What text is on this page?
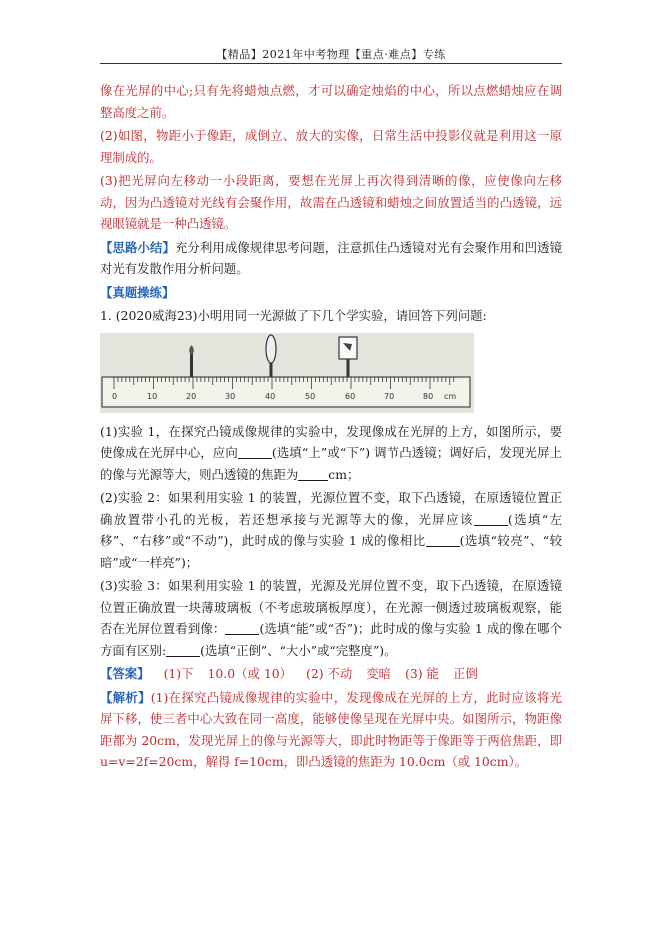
【精品】2021年中考物理【重点·难点】专练

像在光屏的中心;只有先将蜡烛点燃，才可以确定烛焰的中心，所以点燃蜡烛应在调整高度之前。

(2)如图，物距小于像距，成倒立、放大的实像，日常生活中投影仪就是利用这一原理制成的。

(3)把光屏向左移动一小段距离，要想在光屏上再次得到清晰的像，应使像向左移动，因为凸透镜对光线有会聚作用，故需在凸透镜和蜡烛之间放置适当的凸透镜，远视眼镜就是一种凸透镜。

【思路小结】充分利用成像规律思考问题，注意抓住凸透镜对光有会聚作用和凹透镜对光有发散作用分析问题。

【真题操练】

1. (2020威海23)小明用同一光源做了下几个学实验，请回答下列问题:

0	10	20	30	40	50	60	70	80 cm

(1)实验 1，在探究凸镜成像规律的实验中，发现像成在光屏的上方，如图所示，要使像成在光屏中心，应向	(选填“上”或“下”) 调节凸透镜；调好后，发现光屏上的像与光源等大，则凸透镜的焦距为 cm；

(2)实验 2：如果利用实验 1 的装置，光源位置不变，取下凸透镜，在原透镜位置正确放置带小孔的光板，若还想承接与光源等大的像，光屏应该	(选填“左移”、“右移”或“不动”)，此时成的像与实验 1 成的像相比	(选填“较亮”、“较暗”或“一样亮”)；

(3)实验 3：如果利用实验 1 的装置，光源及光屏位置不变，取下凸透镜，在原透镜位置正确放置一块薄玻璃板（不考虑玻璃板厚度），在光源一侧透过玻璃板观察，能否在光屏位置看到像：	(选填“能”或“否”)；此时成的像与实验 1 成的像在哪个方面有区别:	(选填“正倒”、“大小”或“完整度”)。

【答案】 (1)下 10.0（或 10） (2) 不动 变暗 (3) 能 正倒

【解析】(1)在探究凸镜成像规律的实验中，发现像成在光屏的上方，此时应该将光屏下移，使三者中心大致在同一高度，能够使像呈现在光屏中央。如图所示，物距像距都为 20cm，发现光屏上的像与光源等大，即此时物距等于像距等于两倍焦距，即 u=v=2f=20cm，解得 f=10cm，即凸透镜的焦距为 10.0cm（或 10cm）。
